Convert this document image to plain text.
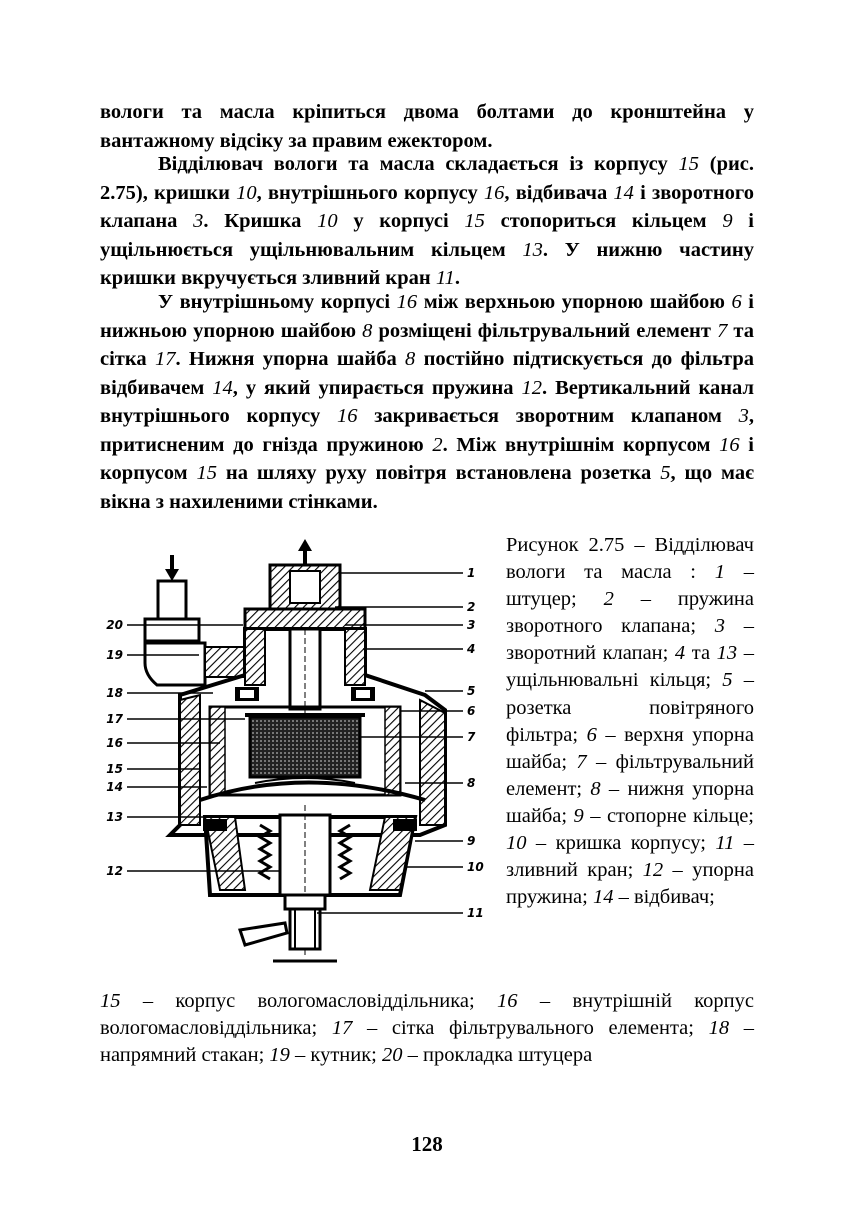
вологи та масла кріпиться двома болтами до кронштейна у вантажному відсіку за правим ежектором.

Відділювач вологи та масла складається із корпусу 15 (рис. 2.75), кришки 10, внутрішнього корпусу 16, відбивача 14 і зворотного клапана 3. Кришка 10 у корпусі 15 стопориться кільцем 9 і ущільнюється ущільнювальним кільцем 13. У нижню частину кришки вкручується зливний кран 11.

У внутрішньому корпусі 16 між верхньою упорною шайбою 6 і нижньою упорною шайбою 8 розміщені фільтрувальний елемент 7 та сітка 17. Нижня упорна шайба 8 постійно підтискується до фільтра відбивачем 14, у який упирається пружина 12. Вертикальний канал внутрішнього корпусу 16 закривається зворотним клапаном 3, притисненим до гнізда пружиною 2. Між внутрішнім корпусом 16 і корпусом 15 на шляху руху повітря встановлена розетка 5, що має вікна з нахиленими стінками.

20
19
18
17
16
15
14
13
12
1
2
3
4
5
6
7
8
9
10
11

Рисунок 2.75 – Відділювач вологи та масла : 1 – штуцер; 2 – пружина зворотного клапана; 3 – зворотний клапан; 4 та 13 – ущільнювальні кільця; 5 – розетка повітряного фільтра; 6 – верхня упорна шайба; 7 – фільтрувальний елемент; 8 – нижня упорна шайба; 9 – стопорне кільце; 10 – кришка корпусу; 11 – зливний кран; 12 – упорна пружина; 14 – відбивач;

15 – корпус вологомасловіддільника; 16 – внутрішній корпус вологомасловіддільника; 17 – сітка фільтрувального елемента; 18 – напрямний стакан; 19 – кутник; 20 – прокладка штуцера

128
